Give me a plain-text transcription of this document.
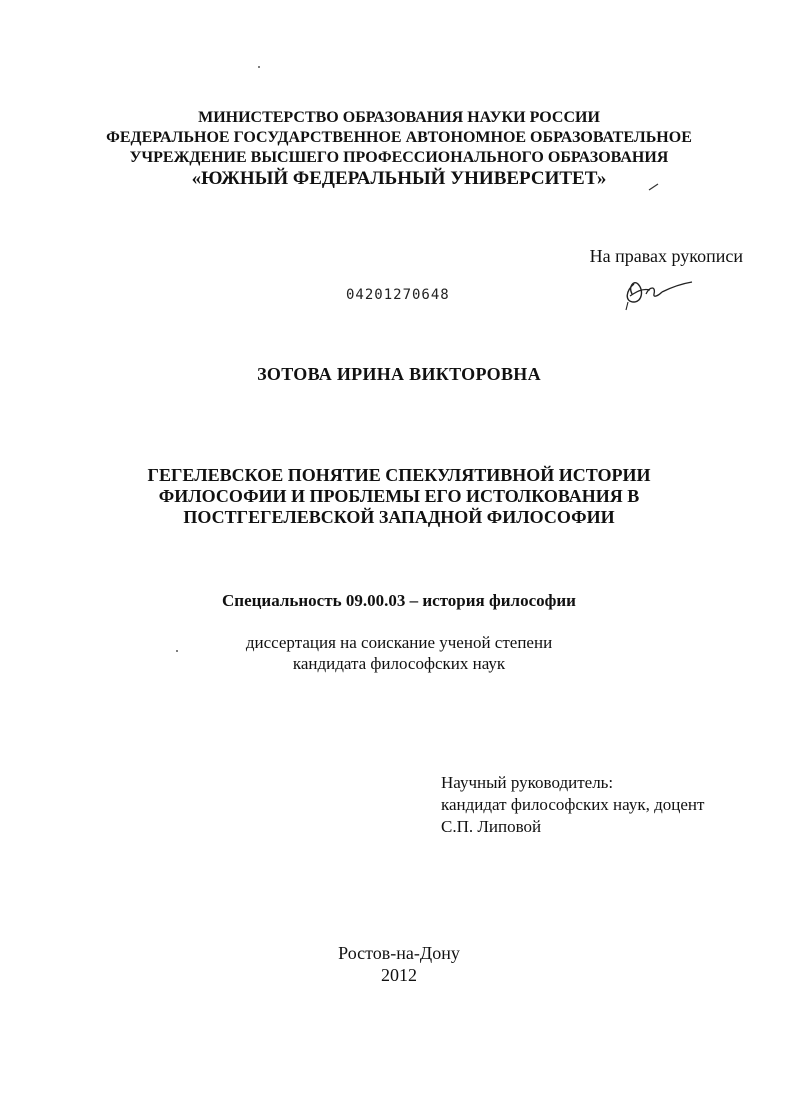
МИНИСТЕРСТВО ОБРАЗОВАНИЯ НАУКИ РОССИИ
ФЕДЕРАЛЬНОЕ ГОСУДАРСТВЕННОЕ АВТОНОМНОЕ ОБРАЗОВАТЕЛЬНОЕ
УЧРЕЖДЕНИЕ ВЫСШЕГО ПРОФЕССИОНАЛЬНОГО ОБРАЗОВАНИЯ
«ЮЖНЫЙ ФЕДЕРАЛЬНЫЙ УНИВЕРСИТЕТ»
На правах рукописи
04201270648
ЗОТОВА ИРИНА ВИКТОРОВНА
ГЕГЕЛЕВСКОЕ ПОНЯТИЕ СПЕКУЛЯТИВНОЙ ИСТОРИИ
ФИЛОСОФИИ И ПРОБЛЕМЫ ЕГО ИСТОЛКОВАНИЯ В
ПОСТГЕГЕЛЕВСКОЙ ЗАПАДНОЙ ФИЛОСОФИИ
Специальность 09.00.03 – история философии
диссертация на соискание ученой степени
кандидата философских наук
Научный руководитель:
кандидат философских наук, доцент
С.П. Липовой
Ростов-на-Дону
2012
